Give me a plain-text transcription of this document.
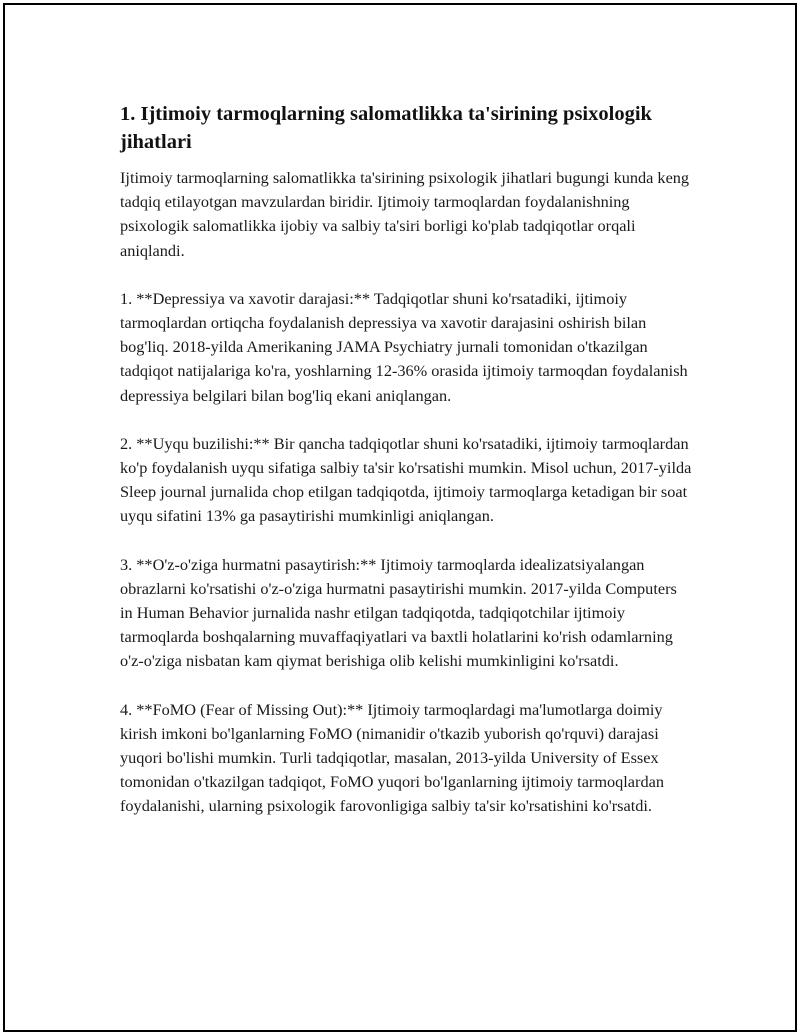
1. Ijtimoiy tarmoqlarning salomatlikka ta'sirining psixologik jihatlari

Ijtimoiy tarmoqlarning salomatlikka ta'sirining psixologik jihatlari bugungi kunda keng tadqiq etilayotgan mavzulardan biridir. Ijtimoiy tarmoqlardan foydalanishning psixologik salomatlikka ijobiy va salbiy ta'siri borligi ko'plab tadqiqotlar orqali aniqlandi.

1. **Depressiya va xavotir darajasi:** Tadqiqotlar shuni ko'rsatadiki, ijtimoiy tarmoqlardan ortiqcha foydalanish depressiya va xavotir darajasini oshirish bilan bog'liq. 2018-yilda Amerikaning JAMA Psychiatry jurnali tomonidan o'tkazilgan tadqiqot natijalariga ko'ra, yoshlarning 12-36% orasida ijtimoiy tarmoqdan foydalanish depressiya belgilari bilan bog'liq ekani aniqlangan.

2. **Uyqu buzilishi:** Bir qancha tadqiqotlar shuni ko'rsatadiki, ijtimoiy tarmoqlardan ko'p foydalanish uyqu sifatiga salbiy ta'sir ko'rsatishi mumkin. Misol uchun, 2017-yilda Sleep journal jurnalida chop etilgan tadqiqotda, ijtimoiy tarmoqlarga ketadigan bir soat uyqu sifatini 13% ga pasaytirishi mumkinligi aniqlangan.

3. **O'z-o'ziga hurmatni pasaytirish:** Ijtimoiy tarmoqlarda idealizatsiyalangan obrazlarni ko'rsatishi o'z-o'ziga hurmatni pasaytirishi mumkin. 2017-yilda Computers in Human Behavior jurnalida nashr etilgan tadqiqotda, tadqiqotchilar ijtimoiy tarmoqlarda boshqalarning muvaffaqiyatlari va baxtli holatlarini ko'rish odamlarning o'z-o'ziga nisbatan kam qiymat berishiga olib kelishi mumkinligini ko'rsatdi.

4. **FoMO (Fear of Missing Out):** Ijtimoiy tarmoqlardagi ma'lumotlarga doimiy kirish imkoni bo'lganlarning FoMO (nimanidir o'tkazib yuborish qo'rquvi) darajasi yuqori bo'lishi mumkin. Turli tadqiqotlar, masalan, 2013-yilda University of Essex tomonidan o'tkazilgan tadqiqot, FoMO yuqori bo'lganlarning ijtimoiy tarmoqlardan foydalanishi, ularning psixologik farovonligiga salbiy ta'sir ko'rsatishini ko'rsatdi.
